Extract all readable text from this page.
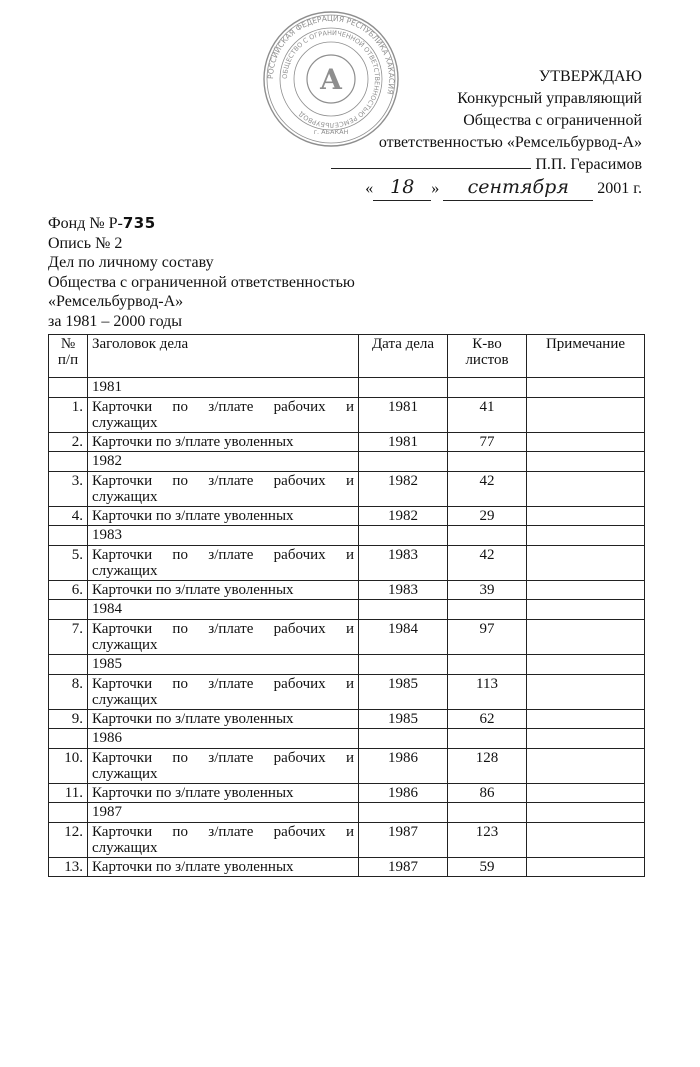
РОССИЙСКАЯ ФЕДЕРАЦИЯ РЕСПУБЛИКА ХАКАСИЯ
ОБЩЕСТВО С ОГРАНИЧЕННОЙ ОТВЕТСТВЕННОСТЬЮ РЕМСЕЛЬБУРВОД
А
г. АБАКАН
УТВЕРЖДАЮ
Конкурсный управляющий
Общества с ограниченной
ответственностью «Ремсельбурвод-А»
П.П. Герасимов
« 18 » сентября 2001 г.
Фонд № Р-735
Опись № 2
Дел по личному составу
Общества с ограниченной ответственностью
«Ремсельбурвод-А»
за 1981 – 2000 годы
№ п/п	Заголовок дела	Дата дела	К-во листов	Примечание
	1981			
1.	Карточки по з/плате рабочих и служащих	1981	41	
2.	Карточки по з/плате уволенных	1981	77	
	1982			
3.	Карточки по з/плате рабочих и служащих	1982	42	
4.	Карточки по з/плате уволенных	1982	29	
	1983			
5.	Карточки по з/плате рабочих и служащих	1983	42	
6.	Карточки по з/плате уволенных	1983	39	
	1984			
7.	Карточки по з/плате рабочих и служащих	1984	97	
	1985			
8.	Карточки по з/плате рабочих и служащих	1985	113	
9.	Карточки по з/плате уволенных	1985	62	
	1986			
10.	Карточки по з/плате рабочих и служащих	1986	128	
11.	Карточки по з/плате уволенных	1986	86	
	1987			
12.	Карточки по з/плате рабочих и служащих	1987	123	
13.	Карточки по з/плате уволенных	1987	59	
